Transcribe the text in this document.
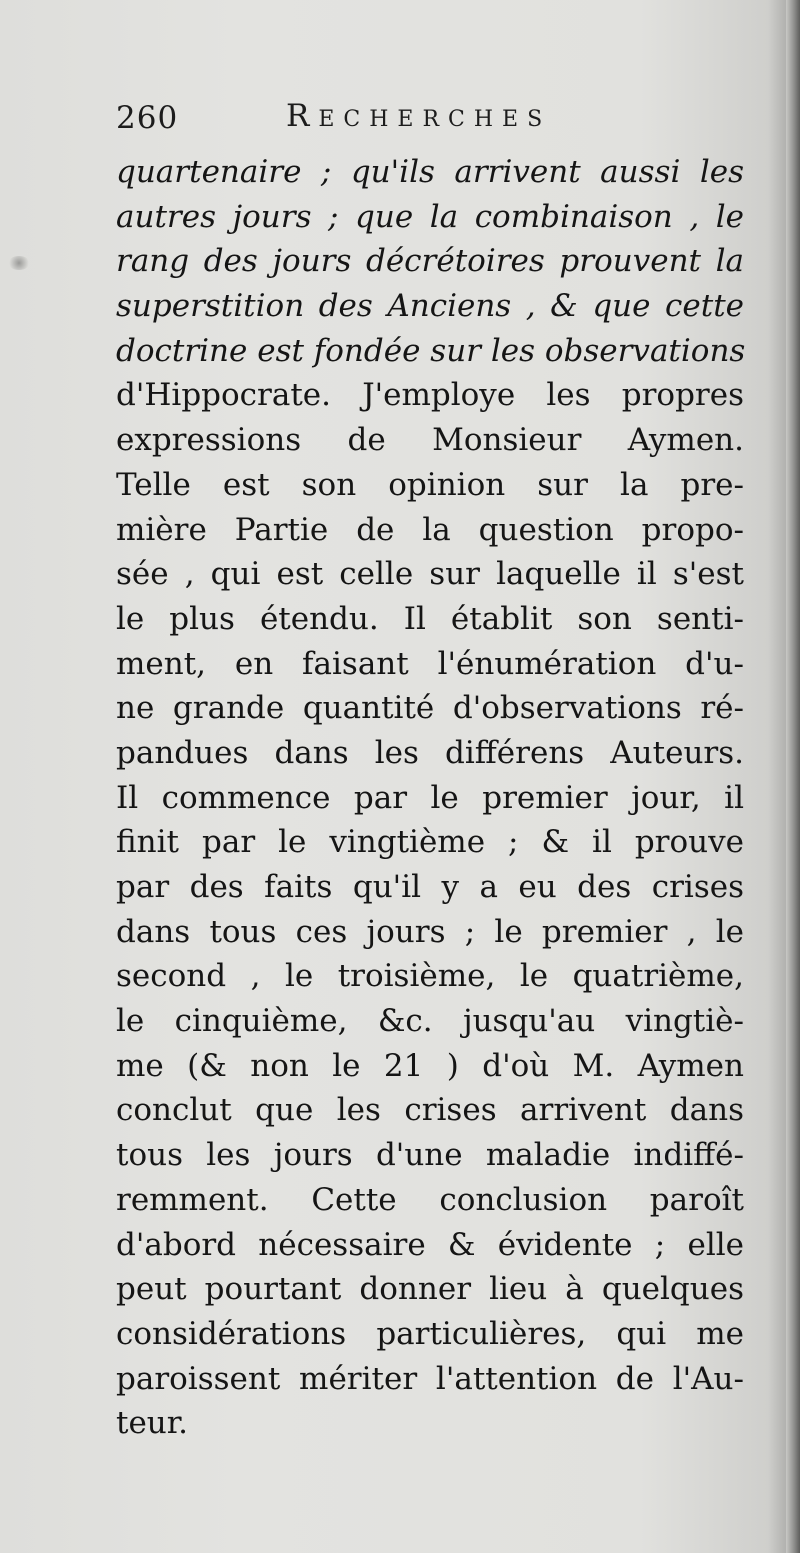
260	Recherches
quartenaire ; qu'ils arrivent aussi les
autres jours ; que la combinaison , le
rang des jours décrétoires prouvent la
superstition des Anciens , & que cette
doctrine est fondée sur les observations
d'Hippocrate. J'employe les propres
expressions de Monsieur Aymen.
Telle est son opinion sur la pre-
mière Partie de la question propo-
sée , qui est celle sur laquelle il s'est
le plus étendu. Il établit son senti-
ment, en faisant l'énumération d'u-
ne grande quantité d'observations ré-
pandues dans les différens Auteurs.
Il commence par le premier jour, il
finit par le vingtième ; & il prouve
par des faits qu'il y a eu des crises
dans tous ces jours ; le premier , le
second , le troisième, le quatrième,
le cinquième, &c. jusqu'au vingtiè-
me (& non le 21 ) d'où M. Aymen
conclut que les crises arrivent dans
tous les jours d'une maladie indiffé-
remment. Cette conclusion paroît
d'abord nécessaire & évidente ; elle
peut pourtant donner lieu à quelques
considérations particulières, qui me
paroissent mériter l'attention de l'Au-
teur.
